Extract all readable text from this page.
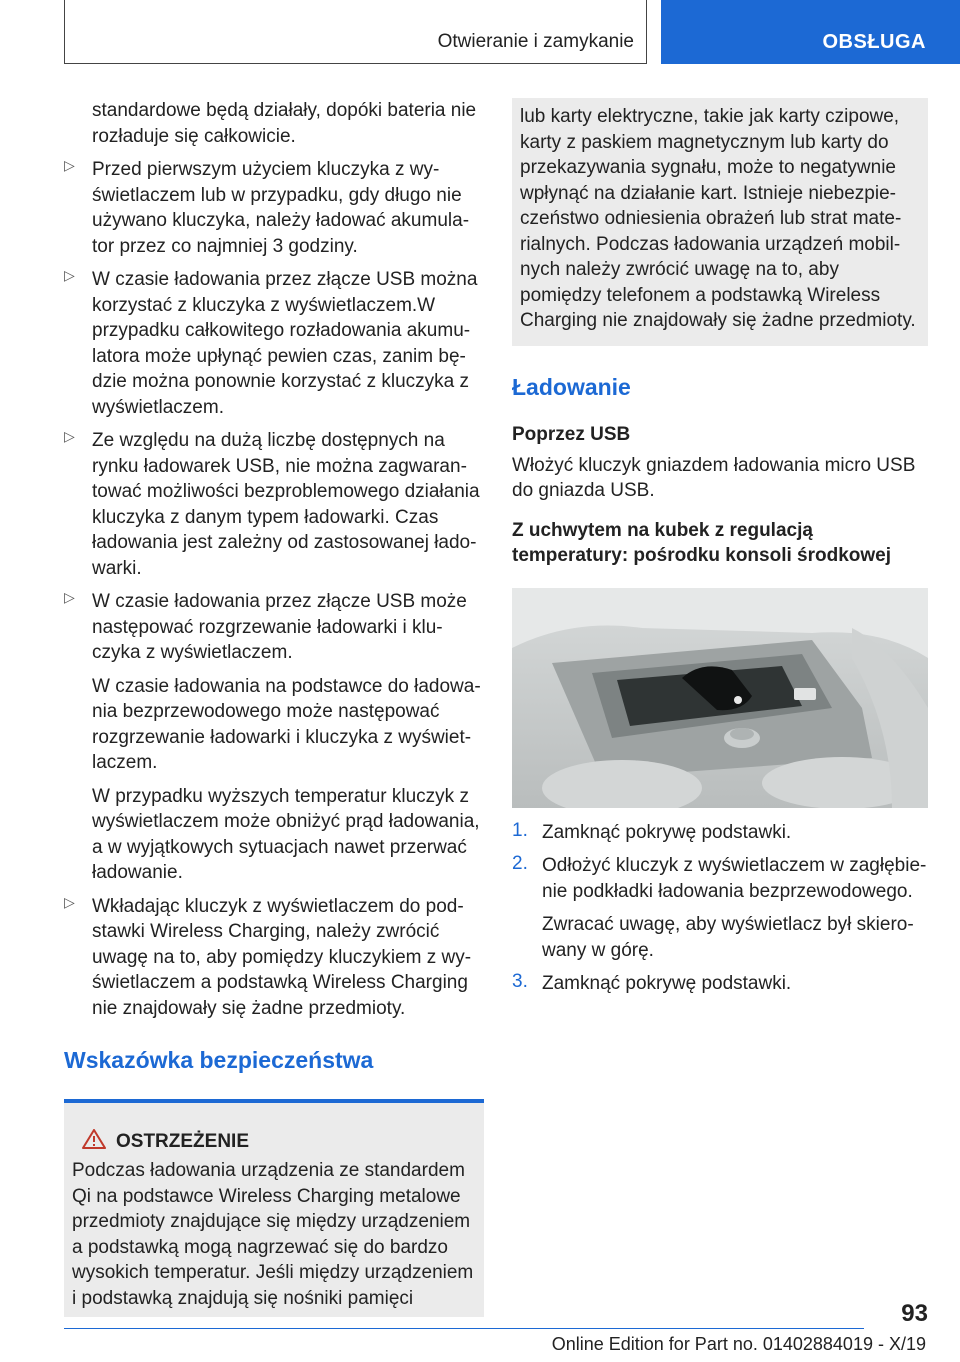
Otwieranie i zamykanie	OBSŁUGA

standardowe będą działały, dopóki bateria nie rozładuje się całkowicie.

▷ Przed pierwszym użyciem kluczyka z wyświetlaczem lub w przypadku, gdy długo nie używano kluczyka, należy ładować akumulator przez co najmniej 3 godziny.

▷ W czasie ładowania przez złącze USB można korzystać z kluczyka z wyświetlaczem.W przypadku całkowitego rozładowania akumulatora może upłynąć pewien czas, zanim będzie można ponownie korzystać z kluczyka z wyświetlaczem.

▷ Ze względu na dużą liczbę dostępnych na rynku ładowarek USB, nie można zagwarantować możliwości bezproblemowego działania kluczyka z danym typem ładowarki. Czas ładowania jest zależny od zastosowanej ładowarki.

▷ W czasie ładowania przez złącze USB może następować rozgrzewanie ładowarki i kluczyka z wyświetlaczem.

W czasie ładowania na podstawce do ładowania bezprzewodowego może następować rozgrzewanie ładowarki i kluczyka z wyświetlaczem.

W przypadku wyższych temperatur kluczyk z wyświetlaczem może obniżyć prąd ładowania, a w wyjątkowych sytuacjach nawet przerwać ładowanie.

▷ Wkładając kluczyk z wyświetlaczem do podstawki Wireless Charging, należy zwrócić uwagę na to, aby pomiędzy kluczykiem z wyświetlaczem a podstawką Wireless Charging nie znajdowały się żadne przedmioty.

Wskazówka bezpieczeństwa
OSTRZEŻENIE

Podczas ładowania urządzenia ze standardem Qi na podstawce Wireless Charging metalowe przedmioty znajdujące się między urządzeniem a podstawką mogą nagrzewać się do bardzo wysokich temperatur. Jeśli między urządzeniem i podstawką znajdują się nośniki pamięci

lub karty elektryczne, takie jak karty czipowe, karty z paskiem magnetycznym lub karty do przekazywania sygnału, może to negatywnie wpłynąć na działanie kart. Istnieje niebezpieczeństwo odniesienia obrażeń lub strat materialnych. Podczas ładowania urządzeń mobilnych należy zwrócić uwagę na to, aby pomiędzy telefonem a podstawką Wireless Charging nie znajdowały się żadne przedmioty.

Ładowanie
Poprzez USB

Włożyć kluczyk gniazdem ładowania micro USB do gniazda USB.

Z uchwytem na kubek z regulacją temperatury: pośrodku konsoli środkowej
1. Zamknąć pokrywę podstawki.

2. Odłożyć kluczyk z wyświetlaczem w zagłębienie podkładki ładowania bezprzewodowego.

Zwracać uwagę, aby wyświetlacz był skierowany w górę.

3. Zamknąć pokrywę podstawki.

93
Online Edition for Part no. 01402884019 - X/19
